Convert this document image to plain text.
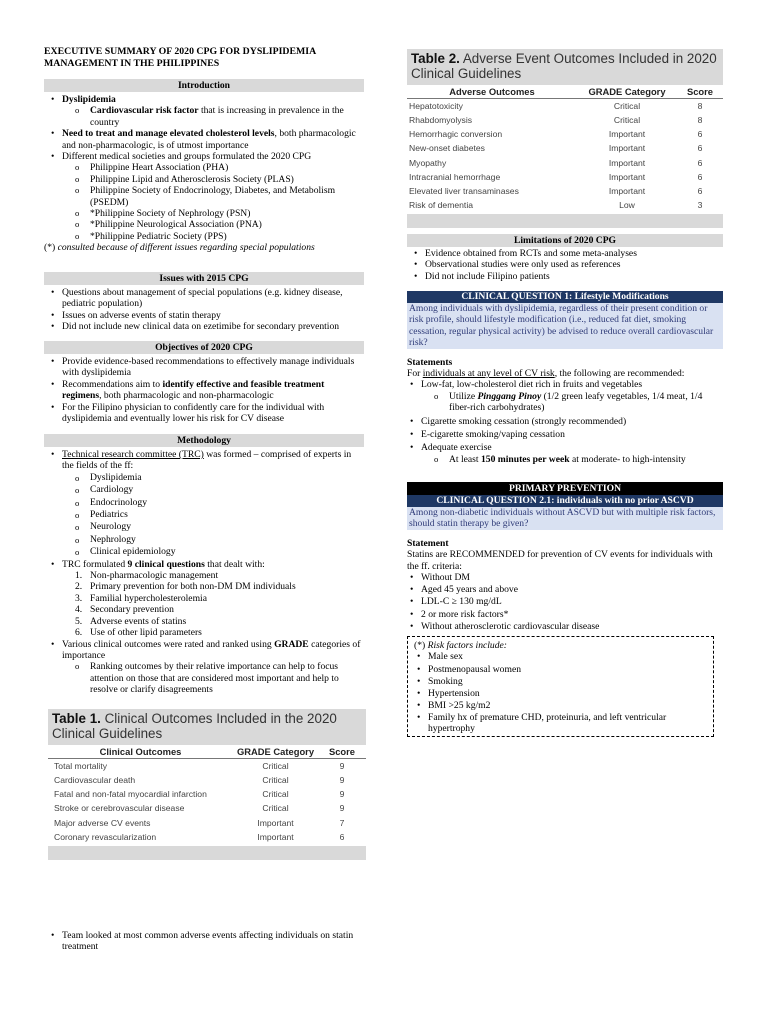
EXECUTIVE SUMMARY OF 2020 CPG FOR DYSLIPIDEMIA MANAGEMENT IN THE PHILIPPINES
Introduction
• Dyslipidemia
o Cardiovascular risk factor that is increasing in prevalence in the country
• Need to treat and manage elevated cholesterol levels, both pharmacologic and non-pharmacologic, is of utmost importance
• Different medical societies and groups formulated the 2020 CPG
o Philippine Heart Association (PHA)
o Philippine Lipid and Atherosclerosis Society (PLAS)
o Philippine Society of Endocrinology, Diabetes, and Metabolism (PSEDM)
o *Philippine Society of Nephrology (PSN)
o *Philippine Neurological Association (PNA)
o *Philippine Pediatric Society (PPS)
(*) consulted because of different issues regarding special populations
Issues with 2015 CPG
• Questions about management of special populations (e.g. kidney disease, pediatric population)
• Issues on adverse events of statin therapy
• Did not include new clinical data on ezetimibe for secondary prevention
Objectives of 2020 CPG
• Provide evidence-based recommendations to effectively manage individuals with dyslipidemia
• Recommendations aim to identify effective and feasible treatment regimens, both pharmacologic and non-pharmacologic
• For the Filipino physician to confidently care for the individual with dyslipidemia and eventually lower his risk for CV disease
Methodology
• Technical research committee (TRC) was formed – comprised of experts in the fields of the ff:
o Dyslipidemia
o Cardiology
o Endocrinology
o Pediatrics
o Neurology
o Nephrology
o Clinical epidemiology
• TRC formulated 9 clinical questions that dealt with:
1. Non-pharmacologic management
2. Primary prevention for both non-DM DM individuals
3. Familial hypercholesterolemia
4. Secondary prevention
5. Adverse events of statins
6. Use of other lipid parameters
• Various clinical outcomes were rated and ranked using GRADE categories of importance
o Ranking outcomes by their relative importance can help to focus attention on those that are considered most important and help to resolve or clarify disagreements
Table 1. Clinical Outcomes Included in the 2020 Clinical Guidelines
Clinical Outcomes	GRADE Category	Score
Total mortality	Critical	9
Cardiovascular death	Critical	9
Fatal and non-fatal myocardial infarction	Critical	9
Stroke or cerebrovascular disease	Critical	9
Major adverse CV events	Important	7
Coronary revascularization	Important	6
• Team looked at most common adverse events affecting individuals on statin treatment
Table 2. Adverse Event Outcomes Included in 2020 Clinical Guidelines
Adverse Outcomes	GRADE Category	Score
Hepatotoxicity	Critical	8
Rhabdomyolysis	Critical	8
Hemorrhagic conversion	Important	6
New-onset diabetes	Important	6
Myopathy	Important	6
Intracranial hemorrhage	Important	6
Elevated liver transaminases	Important	6
Risk of dementia	Low	3
Limitations of 2020 CPG
• Evidence obtained from RCTs and some meta-analyses
• Observational studies were only used as references
• Did not include Filipino patients
CLINICAL QUESTION 1: Lifestyle Modifications
Among individuals with dyslipidemia, regardless of their present condition or risk profile, should lifestyle modification (i.e., reduced fat diet, smoking cessation, regular physical activity) be advised to reduce overall cardiovascular risk?
Statements
For individuals at any level of CV risk, the following are recommended:
• Low-fat, low-cholesterol diet rich in fruits and vegetables
o Utilize Pinggang Pinoy (1/2 green leafy vegetables, 1/4 meat, 1/4 fiber-rich carbohydrates)
• Cigarette smoking cessation (strongly recommended)
• E-cigarette smoking/vaping cessation
• Adequate exercise
o At least 150 minutes per week at moderate- to high-intensity
PRIMARY PREVENTION
CLINICAL QUESTION 2.1: individuals with no prior ASCVD
Among non-diabetic individuals without ASCVD but with multiple risk factors, should statin therapy be given?
Statement
Statins are RECOMMENDED for prevention of CV events for individuals with the ff. criteria:
• Without DM
• Aged 45 years and above
• LDL-C ≥ 130 mg/dL
• 2 or more risk factors*
• Without atherosclerotic cardiovascular disease
(*) Risk factors include:
• Male sex
• Postmenopausal women
• Smoking
• Hypertension
• BMI >25 kg/m2
• Family hx of premature CHD, proteinuria, and left ventricular hypertrophy
